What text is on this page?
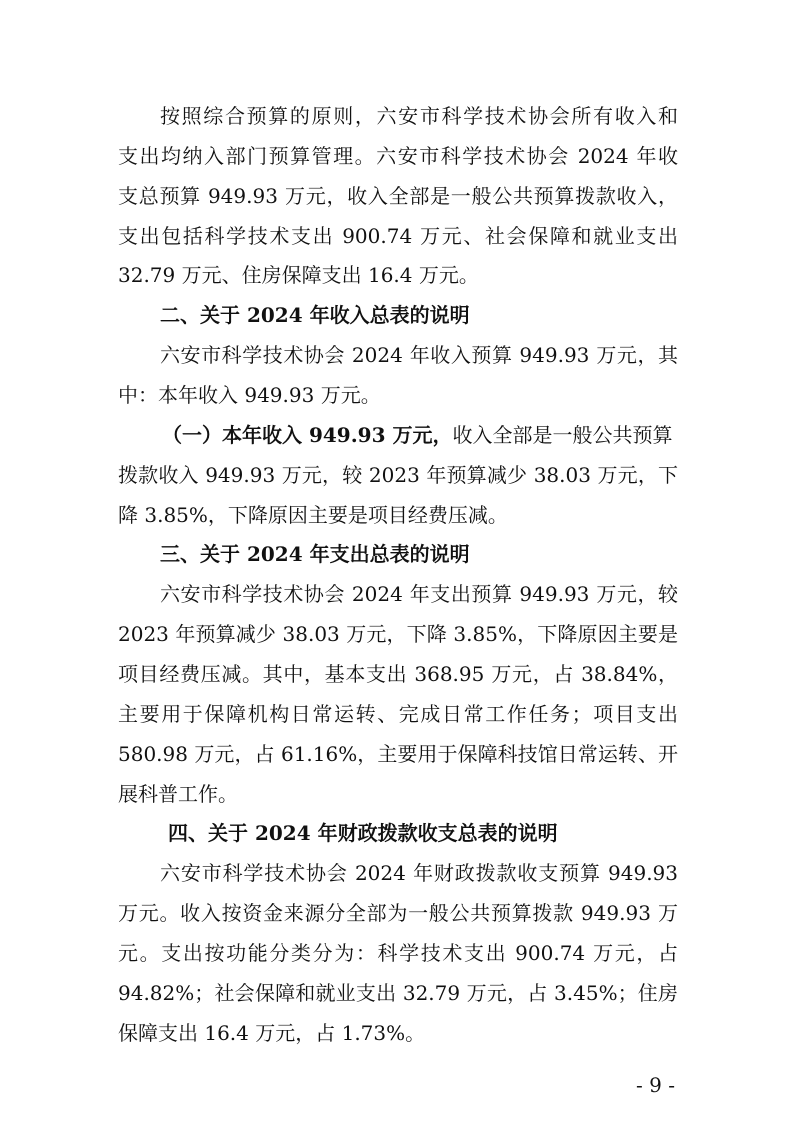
按照综合预算的原则，六安市科学技术协会所有收入和
支出均纳入部门预算管理。六安市科学技术协会 2024 年收
支总预算 949.93 万元，收入全部是一般公共预算拨款收入，
支出包括科学技术支出 900.74 万元、社会保障和就业支出
32.79 万元、住房保障支出 16.4 万元。
二、关于 2024 年收入总表的说明
六安市科学技术协会 2024 年收入预算 949.93 万元，其
中：本年收入 949.93 万元。
（一）本年收入 949.93 万元，收入全部是一般公共预算
拨款收入 949.93 万元，较 2023 年预算减少 38.03 万元，下
降 3.85%，下降原因主要是项目经费压减。
三、关于 2024 年支出总表的说明
六安市科学技术协会 2024 年支出预算 949.93 万元，较
2023 年预算减少 38.03 万元，下降 3.85%，下降原因主要是
项目经费压减。其中，基本支出 368.95 万元，占 38.84%，
主要用于保障机构日常运转、完成日常工作任务；项目支出
580.98 万元，占 61.16%，主要用于保障科技馆日常运转、开
展科普工作。
四、关于 2024 年财政拨款收支总表的说明
六安市科学技术协会 2024 年财政拨款收支预算 949.93
万元。收入按资金来源分全部为一般公共预算拨款 949.93 万
元。支出按功能分类分为：科学技术支出 900.74 万元，占
94.82%；社会保障和就业支出 32.79 万元，占 3.45%；住房
保障支出 16.4 万元，占 1.73%。
- 9 -
